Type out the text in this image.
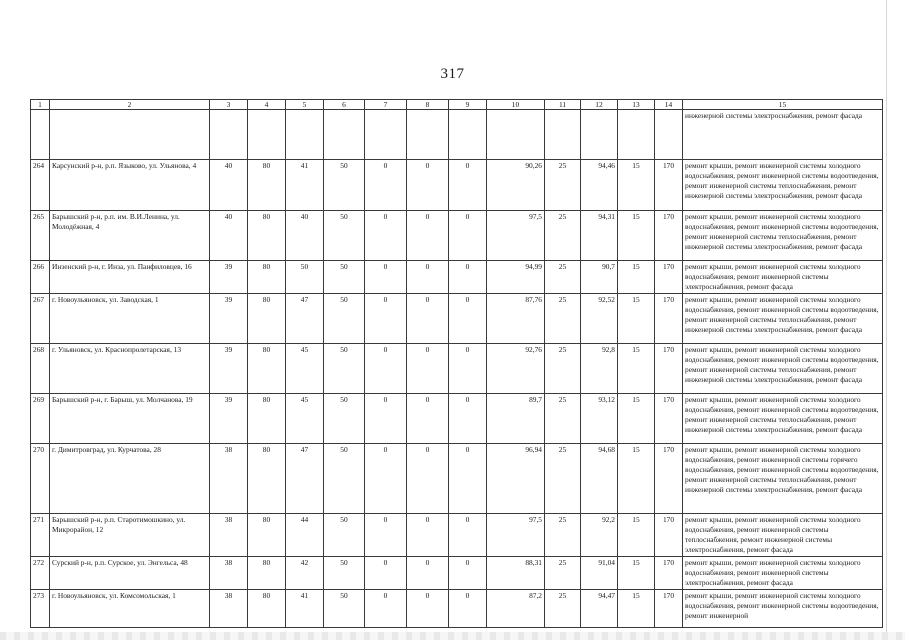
317
1	2	3	4	5	6	7	8	9	10	11	12	13	14	15
														инженерной системы электроснабжения, ремонт фасада
264	Карсунский р-н, р.п. Языково, ул. Ульянова, 4	40	80	41	50	0	0	0	90,26	25	94,46	15	170	ремонт крыши, ремонт инженерной системы холодного водоснабжения, ремонт инженерной системы водоотведения, ремонт инженерной системы теплоснабжения, ремонт инженерной системы электроснабжения, ремонт фасада
265	Барышский р-н, р.п. им. В.И.Ленина, ул. Молодёжная, 4	40	80	40	50	0	0	0	97,5	25	94,31	15	170	ремонт крыши, ремонт инженерной системы холодного водоснабжения, ремонт инженерной системы водоотведения, ремонт инженерной системы теплоснабжения, ремонт инженерной системы электроснабжения, ремонт фасада
266	Инзенский р-н, г. Инза, ул. Панфиловцев, 16	39	80	50	50	0	0	0	94,99	25	90,7	15	170	ремонт крыши, ремонт инженерной системы холодного водоснабжения, ремонт инженерной системы электроснабжения, ремонт фасада
267	г. Новоульяновск, ул. Заводская, 1	39	80	47	50	0	0	0	87,76	25	92,52	15	170	ремонт крыши, ремонт инженерной системы холодного водоснабжения, ремонт инженерной системы водоотведения, ремонт инженерной системы теплоснабжения, ремонт инженерной системы электроснабжения, ремонт фасада
268	г. Ульяновск, ул. Краснопролетарская, 13	39	80	45	50	0	0	0	92,76	25	92,8	15	170	ремонт крыши, ремонт инженерной системы холодного водоснабжения, ремонт инженерной системы водоотведения, ремонт инженерной системы теплоснабжения, ремонт инженерной системы электроснабжения, ремонт фасада
269	Барышский р-н, г. Барыш, ул. Молчанова, 19	39	80	45	50	0	0	0	89,7	25	93,12	15	170	ремонт крыши, ремонт инженерной системы холодного водоснабжения, ремонт инженерной системы водоотведения, ремонт инженерной системы теплоснабжения, ремонт инженерной системы электроснабжения, ремонт фасада
270	г. Димитровград, ул. Курчатова, 28	38	80	47	50	0	0	0	96,94	25	94,68	15	170	ремонт крыши, ремонт инженерной системы холодного водоснабжения, ремонт инженерной системы горячего водоснабжения, ремонт инженерной системы водоотведения, ремонт инженерной системы теплоснабжения, ремонт инженерной системы электроснабжения, ремонт фасада
271	Барышский р-н, р.п. Старотимошкино, ул. Микрорайон, 12	38	80	44	50	0	0	0	97,5	25	92,2	15	170	ремонт крыши, ремонт инженерной системы холодного водоснабжения, ремонт инженерной системы теплоснабжения, ремонт инженерной системы электроснабжения, ремонт фасада
272	Сурский р-н, р.п. Сурское, ул. Энгельса, 48	38	80	42	50	0	0	0	88,31	25	91,04	15	170	ремонт крыши, ремонт инженерной системы холодного водоснабжения, ремонт инженерной системы электроснабжения, ремонт фасада
273	г. Новоульяновск, ул. Комсомольская, 1	38	80	41	50	0	0	0	87,2	25	94,47	15	170	ремонт крыши, ремонт инженерной системы холодного водоснабжения, ремонт инженерной системы водоотведения, ремонт инженерной
